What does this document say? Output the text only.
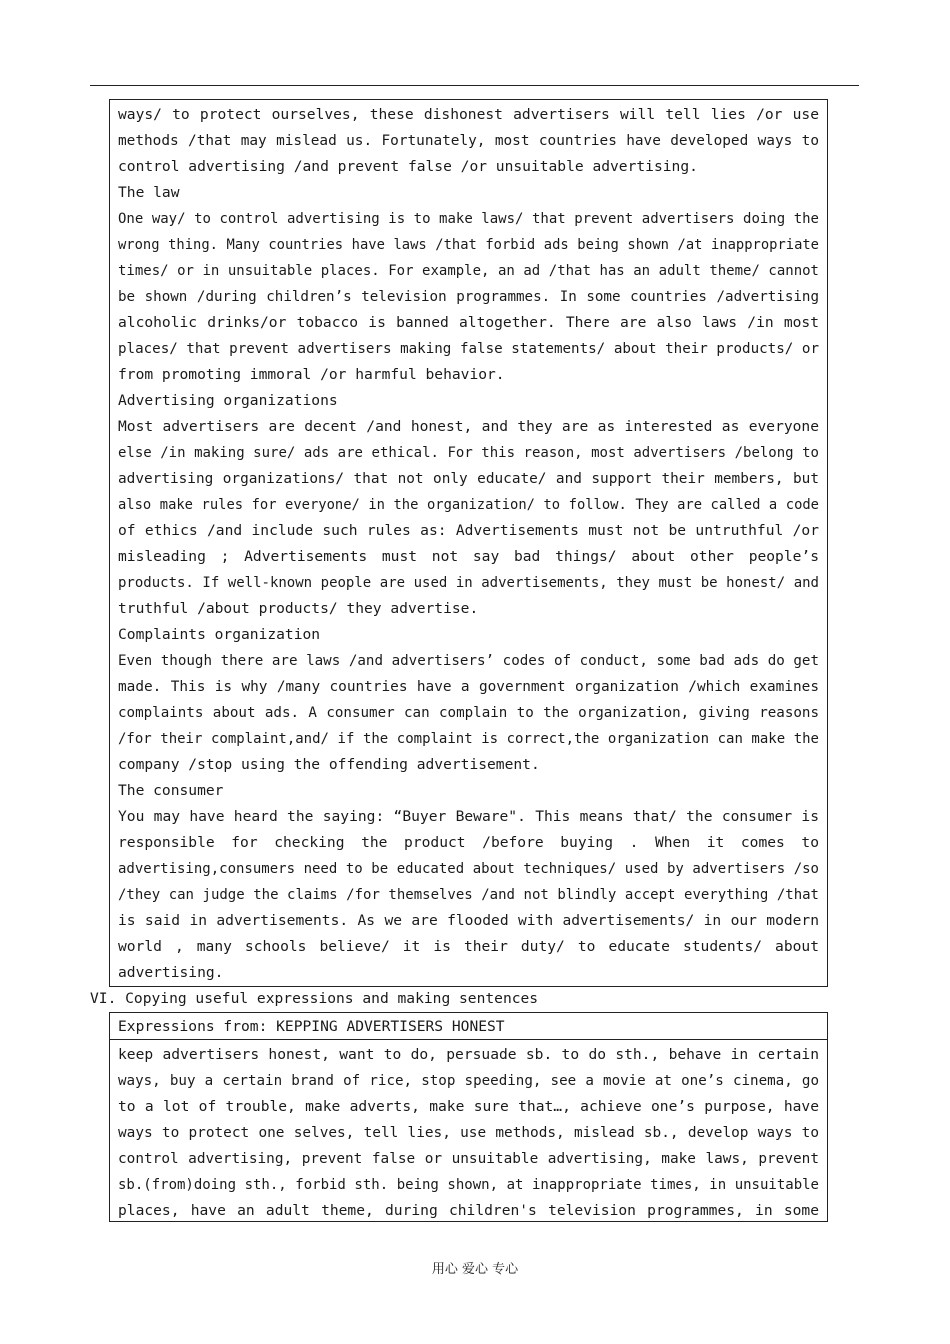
ways/ to protect ourselves, these dishonest advertisers will tell lies /or use
methods /that may mislead us. Fortunately, most countries have developed ways to
control advertising /and prevent false /or unsuitable advertising.
The law
One way/ to control advertising is to make laws/ that prevent advertisers doing the
wrong thing. Many countries have laws /that forbid ads being shown /at inappropriate
times/ or in unsuitable places. For example, an ad /that has an adult theme/ cannot
be shown /during children’s television programmes. In some countries /advertising
alcoholic drinks/or tobacco is banned altogether. There are also laws /in most
places/ that prevent advertisers making false statements/ about their products/ or
from promoting immoral /or harmful behavior.
Advertising organizations
Most advertisers are decent /and honest, and they are as interested as everyone
else /in making sure/ ads are ethical. For this reason, most advertisers /belong to
advertising organizations/ that not only educate/ and support their members, but
also make rules for everyone/ in the organization/ to follow. They are called a code
of ethics /and include such rules as: Advertisements must not be untruthful /or
misleading ; Advertisements must not say bad things/ about other people’s
products. If well-known people are used in advertisements, they must be honest/ and
truthful /about products/ they advertise.
Complaints organization
Even though there are laws /and advertisers’ codes of conduct, some bad ads do get
made. This is why /many countries have a government organization /which examines
complaints about ads. A consumer can complain to the organization, giving reasons
/for their complaint,and/ if the complaint is correct,the organization can make the
company /stop using the offending advertisement.
The consumer
You may have heard the saying: “Buyer Beware". This means that/ the consumer is
responsible for checking the product /before buying . When it comes to
advertising,consumers need to be educated about techniques/ used by advertisers /so
/they can judge the claims /for themselves /and not blindly accept everything /that
is said in advertisements. As we are flooded with advertisements/ in our modern
world , many schools believe/ it is their duty/ to educate students/ about
advertising.
VI. Copying useful expressions and making sentences
Expressions from: KEPPING ADVERTISERS HONEST
keep advertisers honest, want to do, persuade sb. to do sth., behave in certain
ways, buy a certain brand of rice, stop speeding, see a movie at one’s cinema, go
to a lot of trouble, make adverts, make sure that…, achieve one’s purpose, have
ways to protect one selves, tell lies, use methods, mislead sb., develop ways to
control advertising, prevent false or unsuitable advertising, make laws, prevent
sb.(from)doing sth., forbid sth. being shown, at inappropriate times, in unsuitable
places, have an adult theme, during children's television programmes, in some
用心 爱心 专心
